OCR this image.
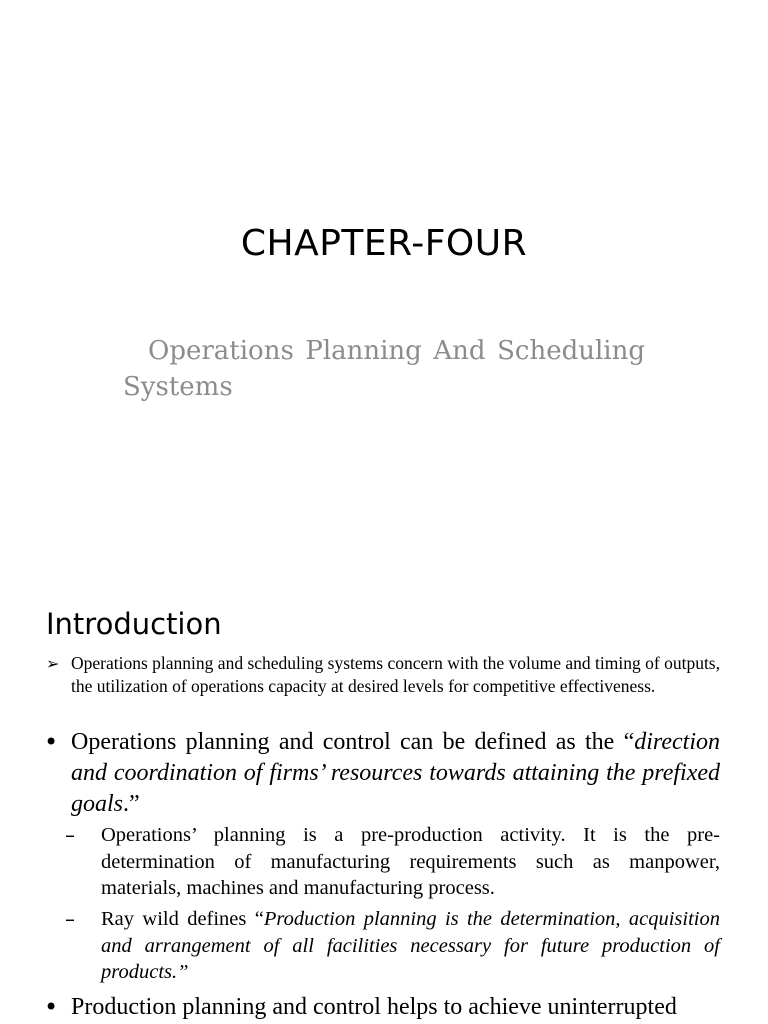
CHAPTER-FOUR

Operations Planning And Scheduling Systems

Introduction
➢ Operations planning and scheduling systems concern with the volume and timing of outputs, the utilization of operations capacity at desired levels for competitive effectiveness.

• Operations planning and control can be defined as the “direction and coordination of firms’ resources towards attaining the prefixed goals.”

– Operations’ planning is a pre-production activity. It is the pre-determination of manufacturing requirements such as manpower, materials, machines and manufacturing process.

– Ray wild defines “Production planning is the determination, acquisition and arrangement of all facilities necessary for future production of products.”

• Production planning and control helps to achieve uninterrupted
